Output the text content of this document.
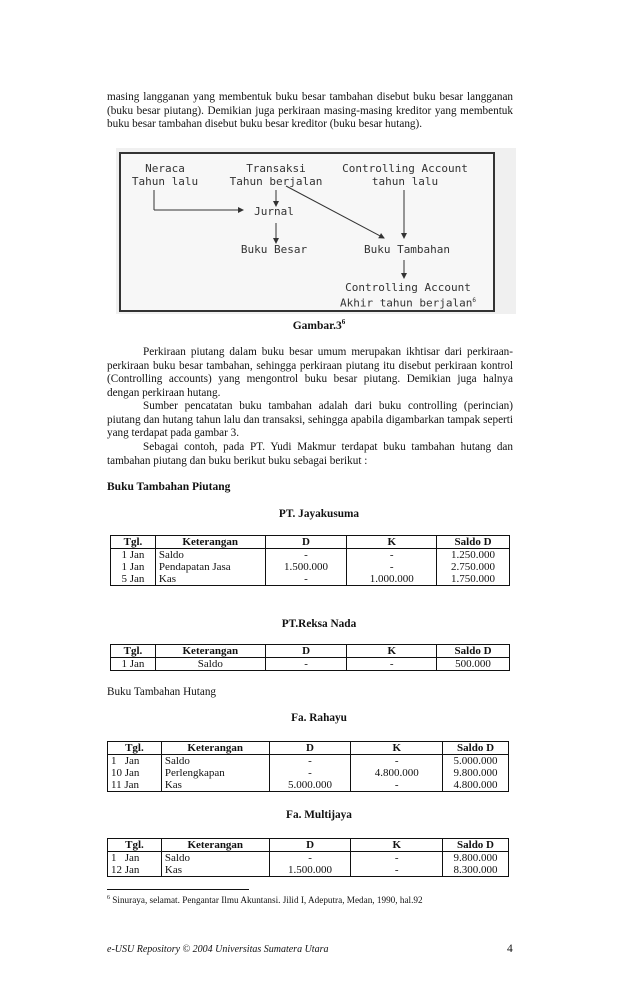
masing langganan yang membentuk buku besar tambahan disebut buku besar langganan (buku besar piutang). Demikian juga perkiraan masing-masing kreditor yang membentuk buku besar tambahan disebut buku besar kreditor (buku besar hutang).

Neraca
Tahun lalu
Transaksi
Tahun berjalan
Controlling Account
tahun lalu
Jurnal
Buku Besar	Buku Tambahan
Controlling Account
Akhir tahun berjalan$^6$
$Gambar.3^6$

Perkiraan piutang dalam buku besar umum merupakan ikhtisar dari perkiraan-perkiraan buku besar tambahan, sehingga perkiraan piutang itu disebut perkiraan kontrol (Controlling accounts) yang mengontrol buku besar piutang. Demikian juga halnya dengan perkiraan hutang.

Sumber pencatatan buku tambahan adalah dari buku controlling (perincian) piutang dan hutang tahun lalu dan transaksi, sehingga apabila digambarkan tampak seperti yang terdapat pada gambar 3.

Sebagai contoh, pada PT. Yudi Makmur terdapat buku tambahan hutang dan tambahan piutang dan buku berikut buku sebagai berikut :

Buku Tambahan Piutang
PT. Jayakusuma
Tgl.	Keterangan	D	K	Saldo D
1 Jan	Saldo	-	-	1.250.000
1 Jan	Pendapatan Jasa	1.500.000	-	2.750.000
5 Jan	Kas	-	1.000.000	1.750.000
PT.Reksa Nada
Tgl.	Keterangan	D	K	Saldo D
1 Jan	Saldo	-	-	500.000
Buku Tambahan Hutang
Fa. Rahayu
Tgl.	Keterangan	D	K	Saldo D
1   Jan	Saldo	-	-	5.000.000
10 Jan	Perlengkapan	-	4.800.000	9.800.000
11 Jan	Kas	5.000.000	-	4.800.000
Fa. Multijaya
Tgl.	Keterangan	D	K	Saldo D
1   Jan	Saldo	-	-	9.800.000
12 Jan	Kas	1.500.000	-	8.300.000
$^6$ Sinuraya, selamat. Pengantar Ilmu Akuntansi. Jilid I, Adeputra, Medan, 1990, hal.92
e-USU Repository © 2004 Universitas Sumatera Utara	4
